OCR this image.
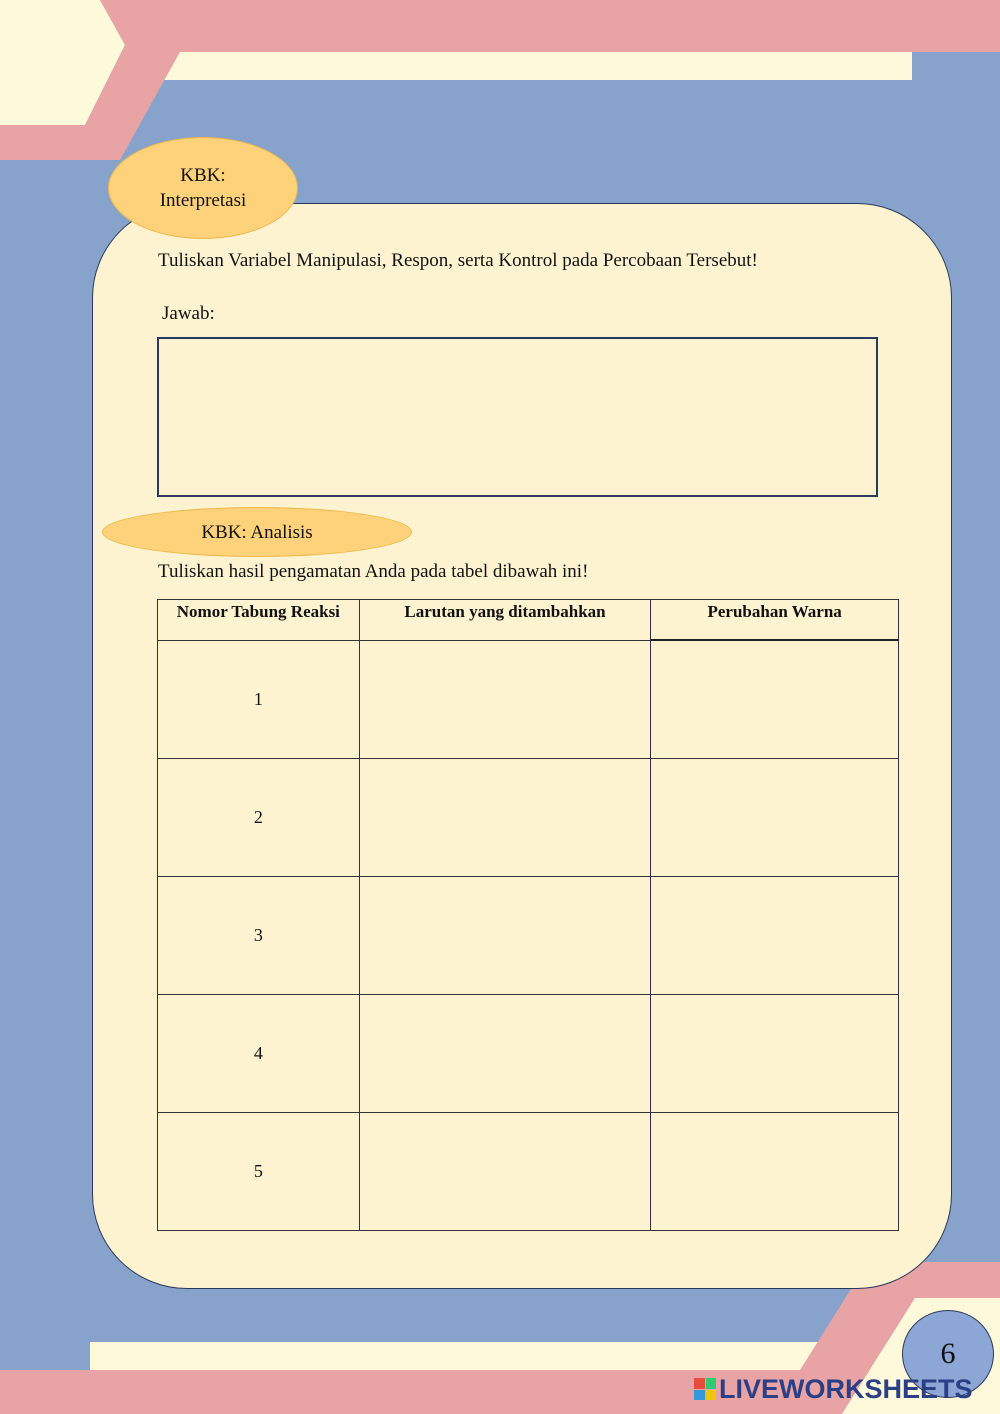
KBK:
Interpretasi
Tuliskan Variabel Manipulasi, Respon, serta Kontrol pada Percobaan Tersebut!
Jawab:
KBK: Analisis
Tuliskan hasil pengamatan Anda pada tabel dibawah ini!
Nomor Tabung Reaksi	Larutan yang ditambahkan	Perubahan Warna
1		
2		
3		
4		
5		
6
LIVEWORKSHEETS
